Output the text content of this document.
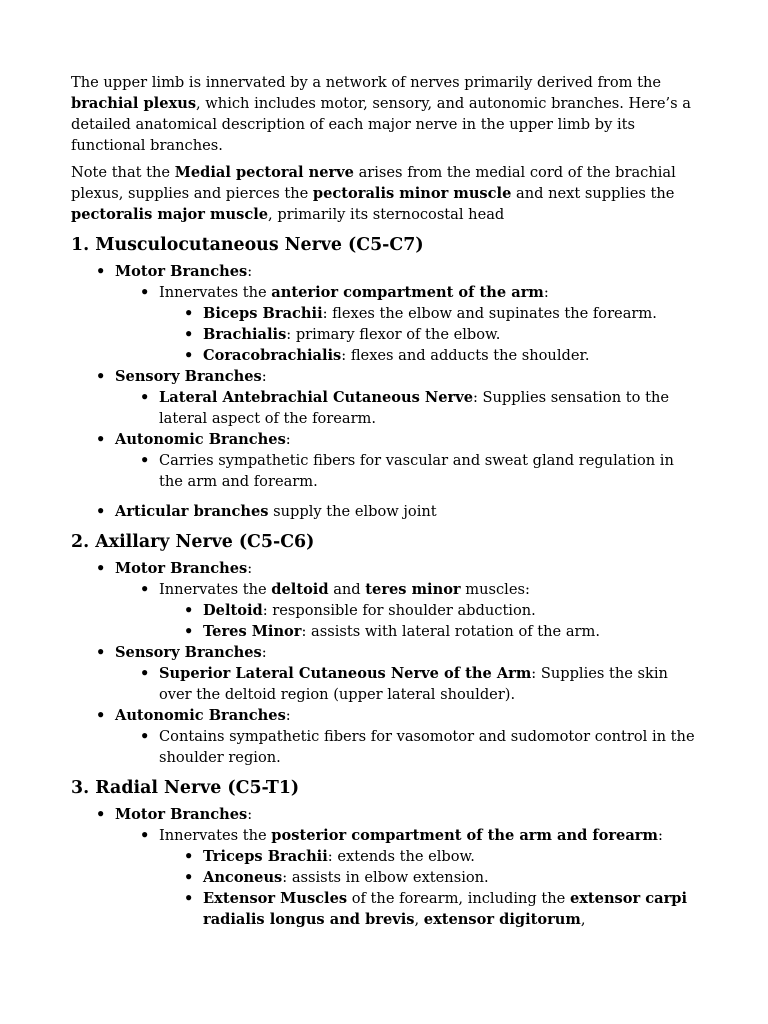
The upper limb is innervated by a network of nerves primarily derived from the brachial plexus, which includes motor, sensory, and autonomic branches. Here’s a detailed anatomical description of each major nerve in the upper limb by its functional branches.

Note that the Medial pectoral nerve arises from the medial cord of the brachial plexus, supplies and pierces the pectoralis minor muscle and next supplies the pectoralis major muscle, primarily its sternocostal head

1. Musculocutaneous Nerve (C5-C7)
• Motor Branches:
• Innervates the anterior compartment of the arm:
• Biceps Brachii: flexes the elbow and supinates the forearm.
• Brachialis: primary flexor of the elbow.
• Coracobrachialis: flexes and adducts the shoulder.
• Sensory Branches:
• Lateral Antebrachial Cutaneous Nerve: Supplies sensation to the lateral aspect of the forearm.
• Autonomic Branches:
• Carries sympathetic fibers for vascular and sweat gland regulation in the arm and forearm.
• Articular branches supply the elbow joint
2. Axillary Nerve (C5-C6)
• Motor Branches:
• Innervates the deltoid and teres minor muscles:
• Deltoid: responsible for shoulder abduction.
• Teres Minor: assists with lateral rotation of the arm.
• Sensory Branches:
• Superior Lateral Cutaneous Nerve of the Arm: Supplies the skin over the deltoid region (upper lateral shoulder).
• Autonomic Branches:
• Contains sympathetic fibers for vasomotor and sudomotor control in the shoulder region.
3. Radial Nerve (C5-T1)
• Motor Branches:
• Innervates the posterior compartment of the arm and forearm:
• Triceps Brachii: extends the elbow.
• Anconeus: assists in elbow extension.
• Extensor Muscles of the forearm, including the extensor carpi radialis longus and brevis, extensor digitorum,
